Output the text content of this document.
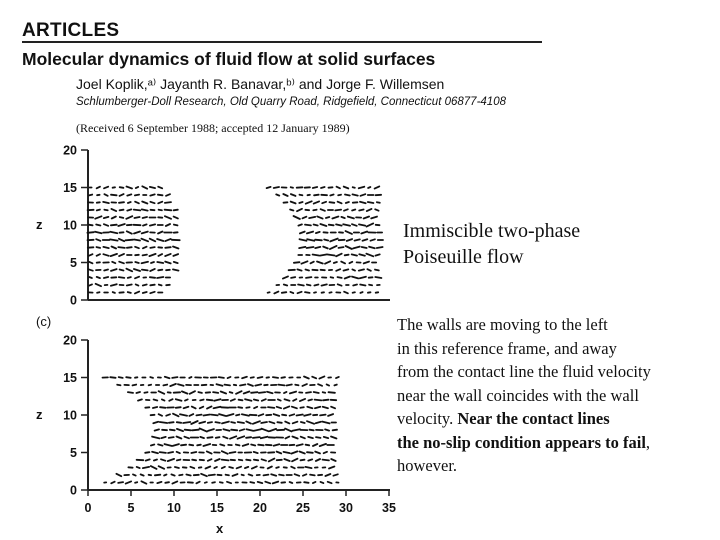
ARTICLES
Molecular dynamics of fluid flow at solid surfaces
Joel Koplik,ᵃ⁾ Jayanth R. Banavar,ᵇ⁾ and Jorge F. Willemsen
Schlumberger-Doll Research, Old Quarry Road, Ridgefield, Connecticut 06877-4108
(Received 6 September 1988; accepted 12 January 1989)
z
0
5
10
15
20
(c)
z
x
0
5
10
15
20
0	5	10 15 20 25 30 35
Immiscible two-phase
Poiseuille flow
The walls are moving to the left
in this reference frame, and away
from the contact line the fluid velocity
near the wall coincides with the wall
velocity. Near the contact lines
the no-slip condition appears to fail,
however.
